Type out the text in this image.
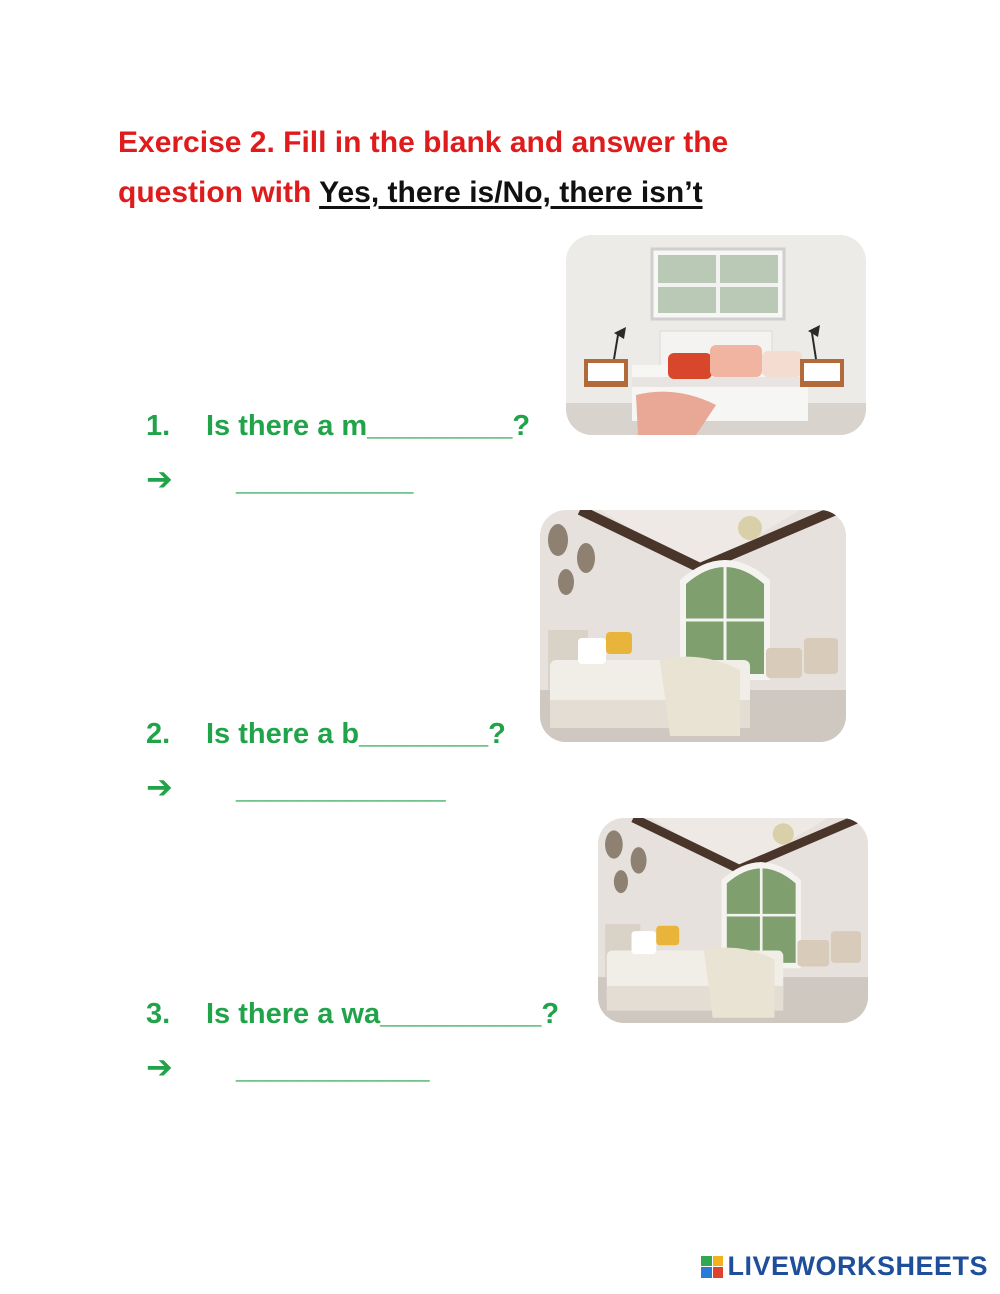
Exercise 2. Fill in the blank and answer the
question with Yes, there is/No, there isn’t
1. Is there a m_________?
➔ ___________
2. Is there a b________?
➔ _____________
3. Is there a wa__________?
➔ ____________
LIVEWORKSHEETS
